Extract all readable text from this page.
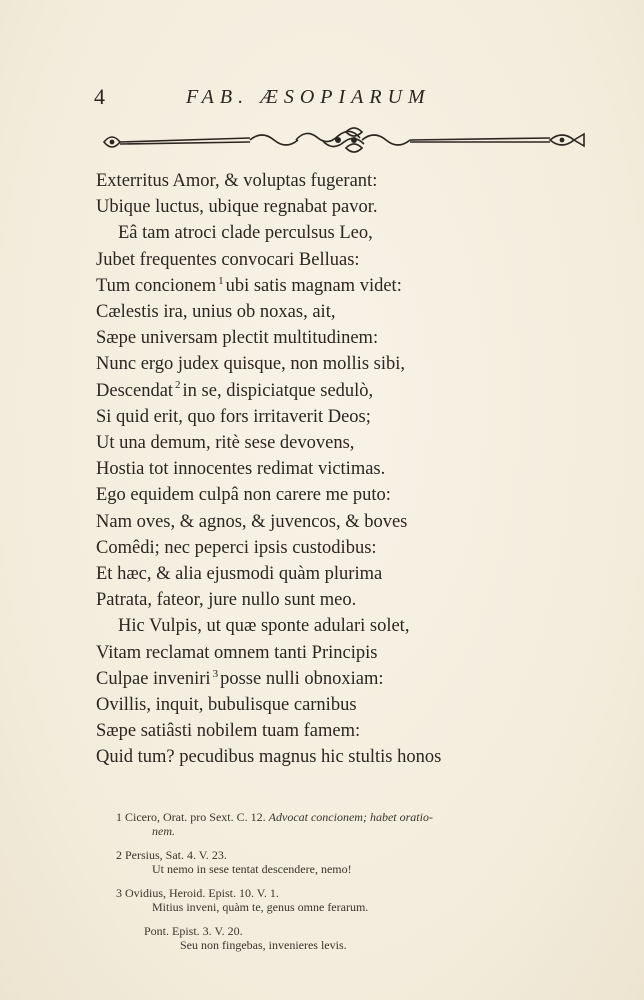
4	FAB. ÆSOPIARUM
Exterritus Amor, & voluptas fugerant:
Ubique luctus, ubique regnabat pavor.
Eâ tam atroci clade perculsus Leo,
Jubet frequentes convocari Belluas:
Tum concionem $^1$ ubi satis magnam videt:
Cælestis ira, unius ob noxas, ait,
Sæpe universam plectit multitudinem:
Nunc ergo judex quisque, non mollis sibi,
Descendat $^2$ in se, dispiciatque sedulò,
Si quid erit, quo fors irritaverit Deos;
Ut una demum, ritè sese devovens,
Hostia tot innocentes redimat victimas.
Ego equidem culpâ non carere me puto:
Nam oves, & agnos, & juvencos, & boves
Comêdi; nec peperci ipsis custodibus:
Et hæc, & alia ejusmodi quàm plurima
Patrata, fateor, jure nullo sunt meo.
Hic Vulpis, ut quæ sponte adulari solet,
Vitam reclamat omnem tanti Principis
Culpae inveniri $^3$ posse nulli obnoxiam:
Ovillis, inquit, bubulisque carnibus
Sæpe satiâsti nobilem tuam famem:
Quid tum? pecudibus magnus hic stultis honos
1 Cicero, Orat. pro Sext. C. 12. Advocat concionem; habet oratio-
nem.
2 Persius, Sat. 4. V. 23.
Ut nemo in sese tentat descendere, nemo!
3 Ovidius, Heroid. Epist. 10. V. 1.
Mitius inveni, quàm te, genus omne ferarum.
Pont. Epist. 3. V. 20.
Seu non fingebas, invenieres levis.
